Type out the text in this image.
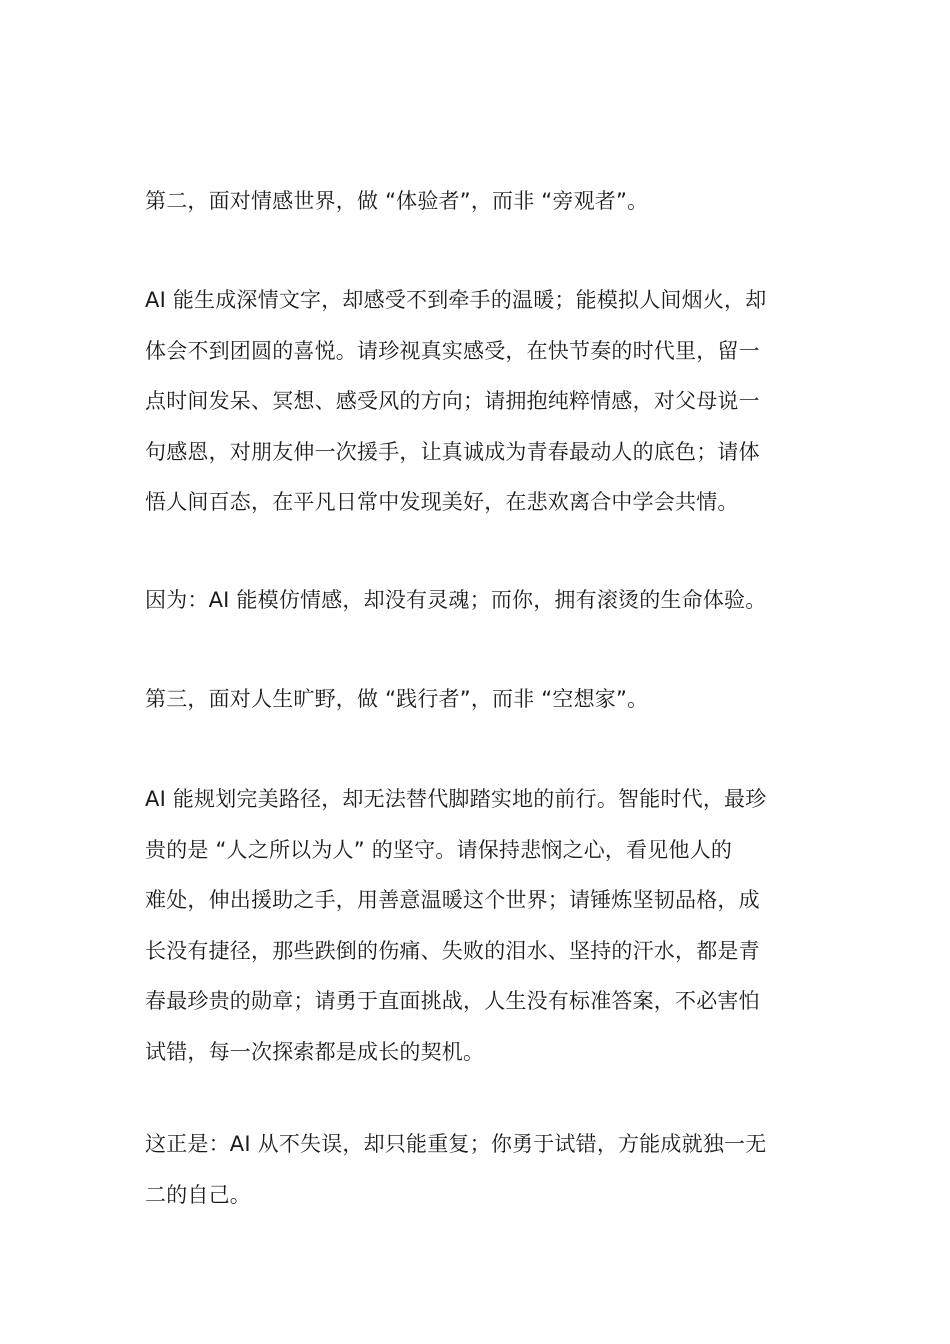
第二，面对情感世界，做 “体验者”，而非 “旁观者”。

AI 能生成深情文字，却感受不到牵手的温暖；能模拟人间烟火，却
体会不到团圆的喜悦。请珍视真实感受，在快节奏的时代里，留一
点时间发呆、冥想、感受风的方向；请拥抱纯粹情感，对父母说一
句感恩，对朋友伸一次援手，让真诚成为青春最动人的底色；请体
悟人间百态，在平凡日常中发现美好，在悲欢离合中学会共情。

因为：AI 能模仿情感，却没有灵魂；而你，拥有滚烫的生命体验。

第三，面对人生旷野，做 “践行者”，而非 “空想家”。

AI 能规划完美路径，却无法替代脚踏实地的前行。智能时代，最珍
贵的是 “人之所以为人” 的坚守。请保持悲悯之心，看见他人的
难处，伸出援助之手，用善意温暖这个世界；请锤炼坚韧品格，成
长没有捷径，那些跌倒的伤痛、失败的泪水、坚持的汗水，都是青
春最珍贵的勋章；请勇于直面挑战，人生没有标准答案，不必害怕
试错，每一次探索都是成长的契机。

这正是：AI 从不失误，却只能重复；你勇于试错，方能成就独一无
二的自己。
